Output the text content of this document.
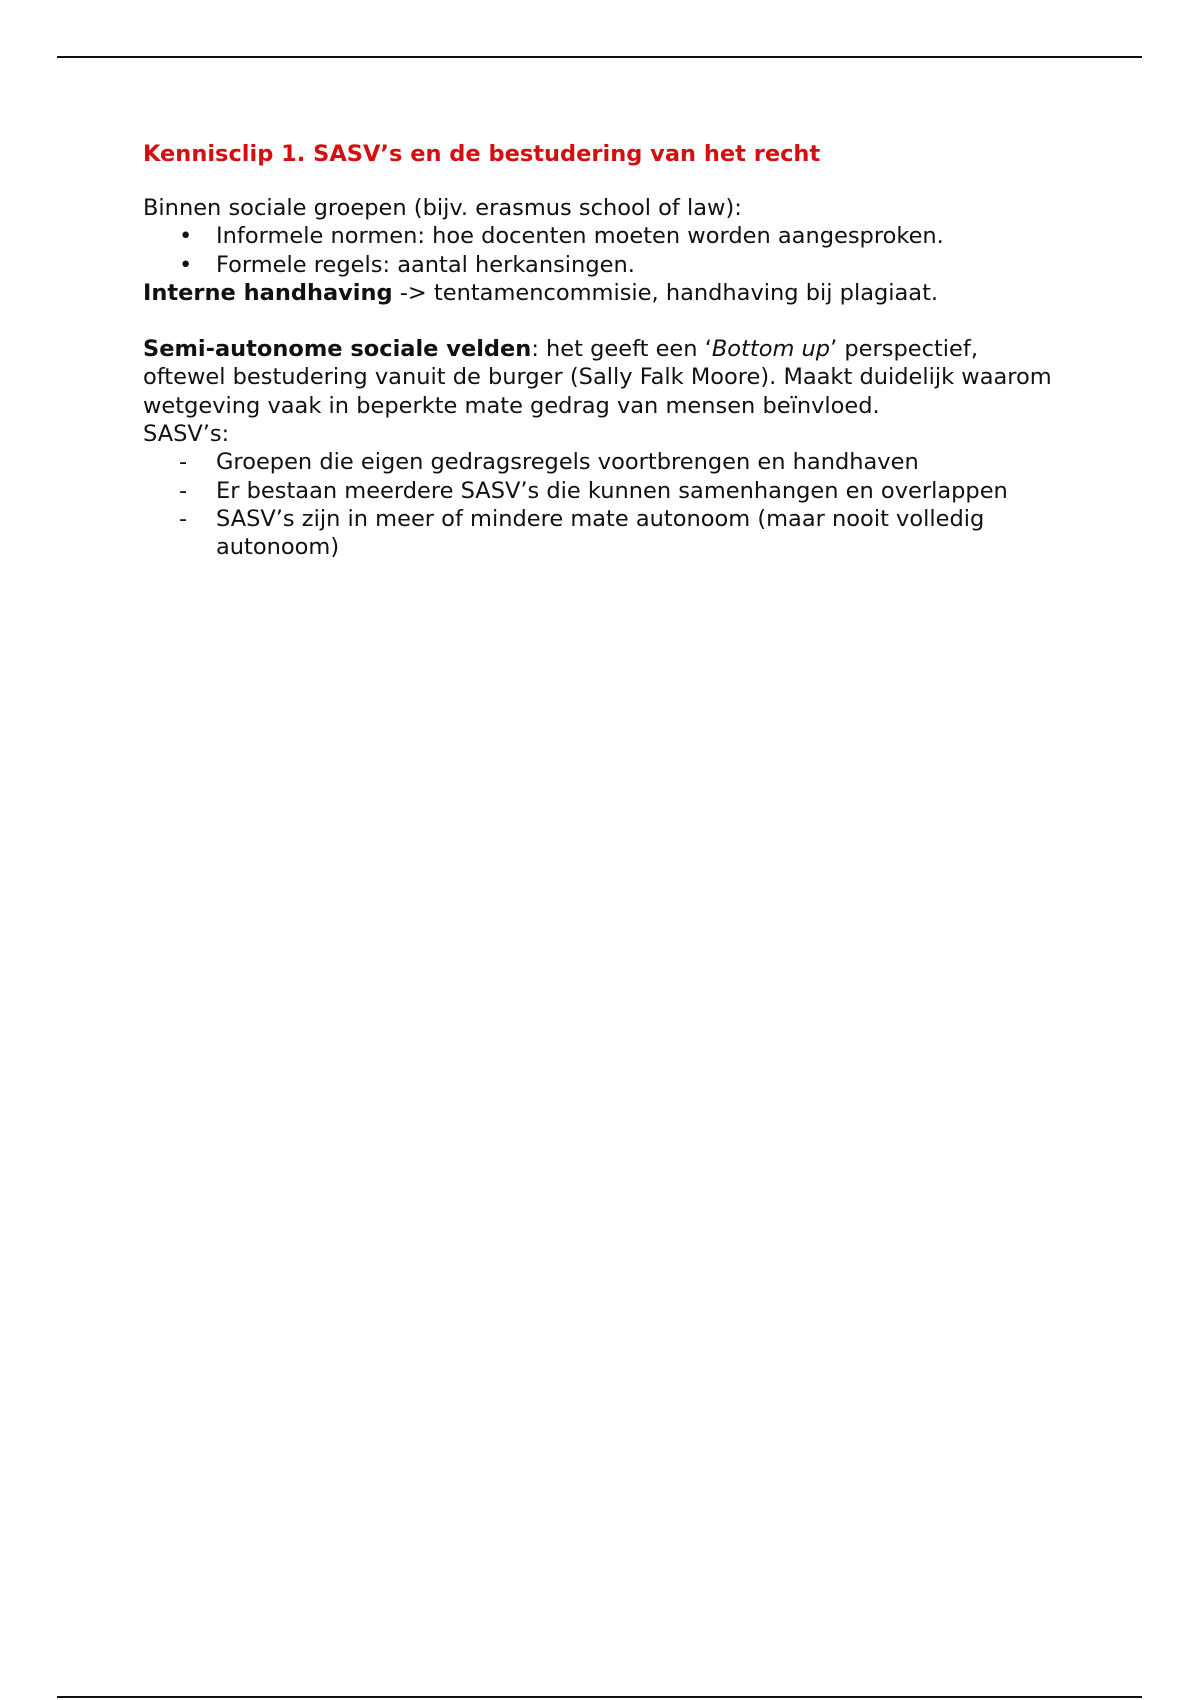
Kennisclip 1. SASV’s en de bestudering van het recht

Binnen sociale groepen (bijv. erasmus school of law):

• Informele normen: hoe docenten moeten worden aangesproken.
• Formele regels: aantal herkansingen.

Interne handhaving -> tentamencommisie, handhaving bij plagiaat.

Semi-autonome sociale velden: het geeft een ‘Bottom up’ perspectief, oftewel bestudering vanuit de burger (Sally Falk Moore). Maakt duidelijk waarom wetgeving vaak in beperkte mate gedrag van mensen beïnvloed.

SASV’s:

- Groepen die eigen gedragsregels voortbrengen en handhaven
- Er bestaan meerdere SASV’s die kunnen samenhangen en overlappen
- SASV’s zijn in meer of mindere mate autonoom (maar nooit volledig autonoom)
